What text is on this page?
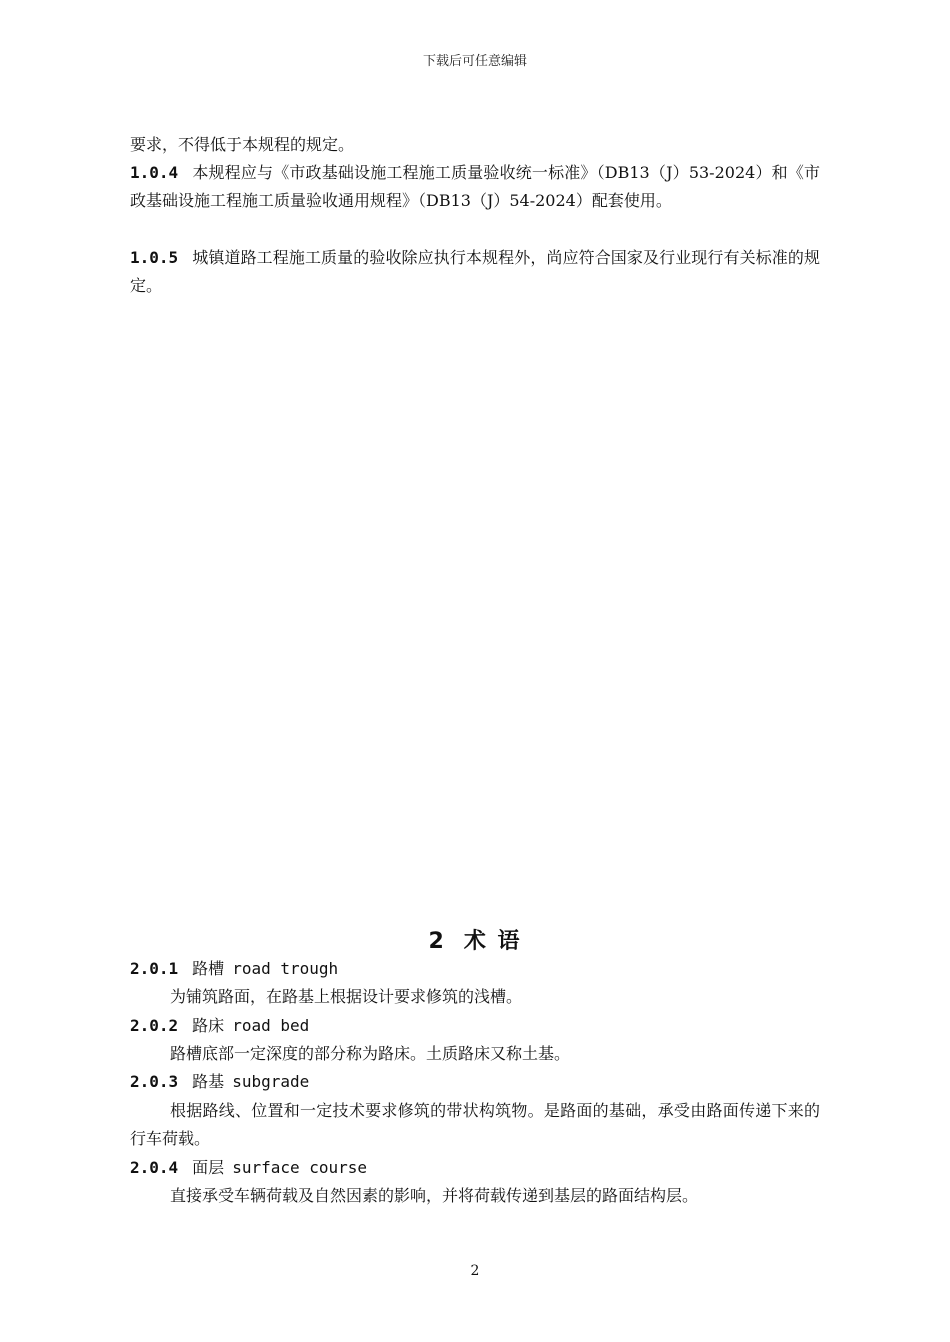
下载后可任意编辑
要求，不得低于本规程的规定。
1.0.4 本规程应与《市政基础设施工程施工质量验收统一标准》（DB13（J）53-2024）和《市政基础设施工程施工质量验收通用规程》（DB13（J）54-2024）配套使用。
1.0.5 城镇道路工程施工质量的验收除应执行本规程外，尚应符合国家及行业现行有关标准的规定。
2 术 语
2.0.1 路槽 road trough
为铺筑路面，在路基上根据设计要求修筑的浅槽。
2.0.2 路床 road bed
路槽底部一定深度的部分称为路床。土质路床又称土基。
2.0.3 路基 subgrade
根据路线、位置和一定技术要求修筑的带状构筑物。是路面的基础，承受由路面传递下来的行车荷载。
2.0.4 面层 surface course
直接承受车辆荷载及自然因素的影响，并将荷载传递到基层的路面结构层。
2
